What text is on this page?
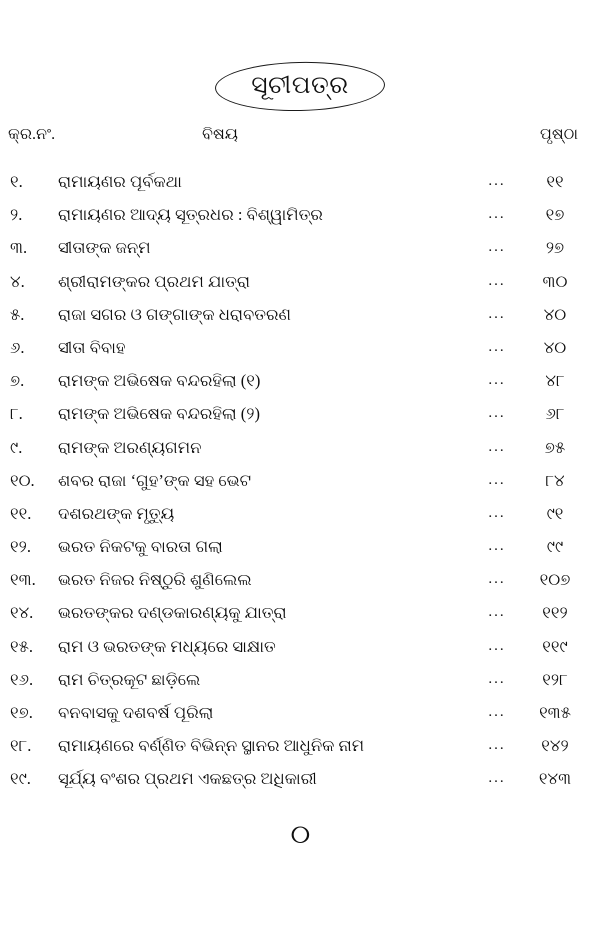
ସୂଚୀପତ୍ର
କ୍ର.ନଂ.	ବିଷୟ	ପୃଷ୍ଠା
୧.	ରାମାୟଣର ପୂର୍ବକଥା	...	୧୧
୨.	ରାମାୟଣର ଆଦ୍ୟ ସୂତ୍ରଧର : ବିଶ୍ୱାମିତ୍ର	...	୧୭
୩.	ସୀତାଙ୍କ ଜନ୍ମ	...	୨୭
୪.	ଶ୍ରୀରାମଙ୍କର ପ୍ରଥମ ଯାତ୍ରା	...	୩୦
୫.	ରାଜା ସଗର ଓ ଗଙ୍ଗାଙ୍କ ଧରାବତରଣ	...	୪୦
୬.	ସୀତା ବିବାହ	...	୪୦
୭.	ରାମଙ୍କ ଅଭିଷେକ ବନ୍ଦରହିଲା (୧)	...	୪୮
୮.	ରାମଙ୍କ ଅଭିଷେକ ବନ୍ଦରହିଲା (୨)	...	୬୮
୯.	ରାମଙ୍କ ଅରଣ୍ୟଗମନ	...	୭୫
୧୦.	ଶବର ରାଜା ‘ଗୁହ’ଙ୍କ ସହ ଭେଟ	...	୮୪
୧୧.	ଦଶରଥଙ୍କ ମୃତ୍ୟୁ	...	୯୧
୧୨.	ଭରତ ନିକଟକୁ ବାରତା ଗଲା	...	୯୯
୧୩.	ଭରତ ନିଜର ନିଷ୍ଠୁରି ଶୁଣିଲେଲ	...	୧୦୭
୧୪.	ଭରତଙ୍କର ଦଣ୍ଡକାରଣ୍ୟକୁ ଯାତ୍ରା	...	୧୧୨
୧୫.	ରାମ ଓ ଭରତଙ୍କ ମଧ୍ୟରେ ସାକ୍ଷାତ	...	୧୧୯
୧୬.	ରାମ ଚିତ୍ରକୂଟ ଛାଡ଼ିଲେ	...	୧୨୮
୧୭.	ବନବାସକୁ ଦଶବର୍ଷ ପୂରିଲା	...	୧୩୫
୧୮.	ରାମାୟଣରେ ବର୍ଣ୍ଣିତ ବିଭିନ୍ନ ସ୍ଥାନର ଆଧୁନିକ ନାମ	...	୧୪୨
୧୯.	ସୂର୍ଯ୍ୟ ବଂଶର ପ୍ରଥମ ଏକଛତ୍ର ଅଧିକାରୀ	...	୧୪୩
୦
